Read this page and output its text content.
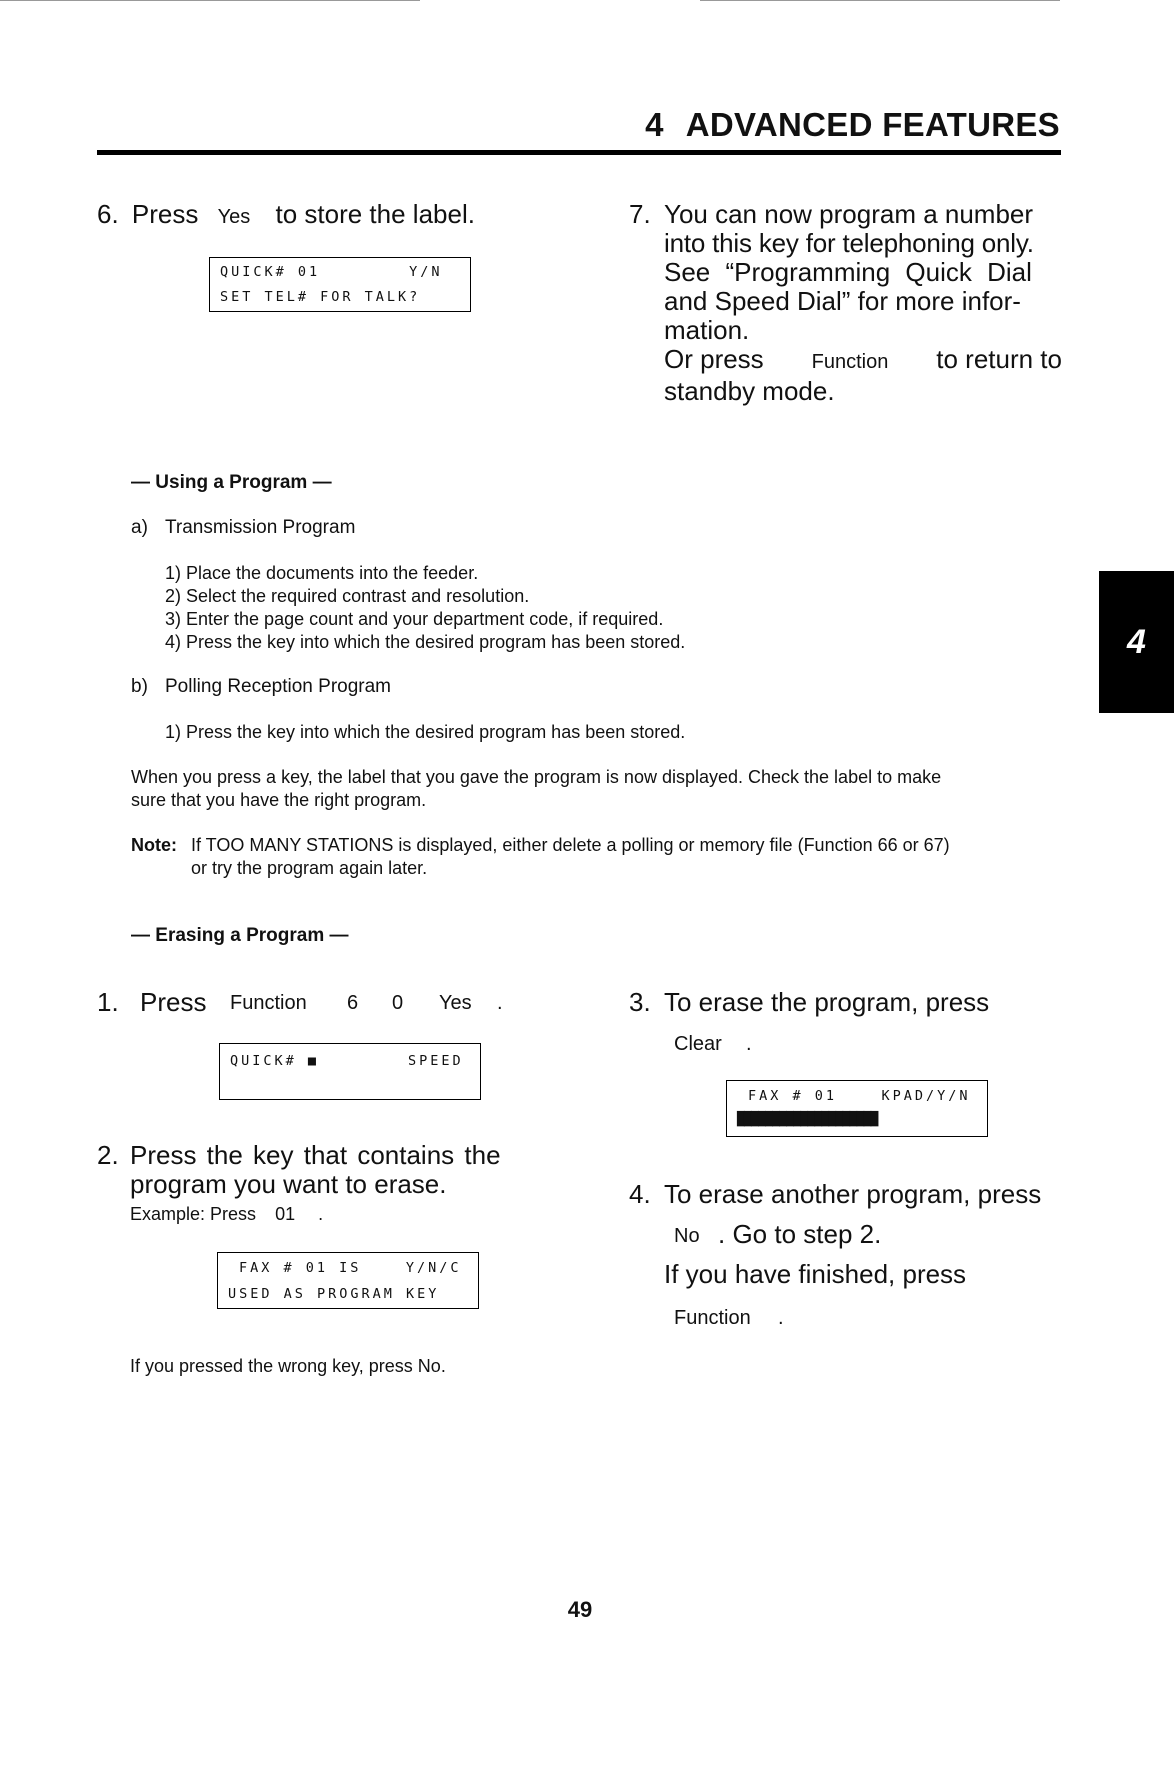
4 ADVANCED FEATURES
6. Press Yes to store the label.
QUICK# 01        Y/N
SET TEL# FOR TALK?
7. You can now program a number
into this key for telephoning only.
See “Programming Quick Dial
and Speed Dial” for more infor-
mation.
Or press Function to return to
standby mode.
— Using a Program —
a) Transmission Program
1) Place the documents into the feeder.
2) Select the required contrast and resolution.
3) Enter the page count and your department code, if required.
4) Press the key into which the desired program has been stored.
b) Polling Reception Program
1) Press the key into which the desired program has been stored.
When you press a key, the label that you gave the program is now displayed. Check the label to make
sure that you have the right program.
Note: If TOO MANY STATIONS is displayed, either delete a polling or memory file (Function 66 or 67)
or try the program again later.
— Erasing a Program —
1. Press Function 6 0 Yes .
QUICK# ■	SPEED
2. Press the key that contains the
program you want to erase.
Example: Press 01 .
FAX # 01 IS    Y/N/C
USED AS PROGRAM KEY
If you pressed the wrong key, press No.
3. To erase the program, press
Clear .
FAX # 01    KPAD/Y/N
████████████████████
4. To erase another program, press
No . Go to step 2.
If you have finished, press
Function .
4
49
